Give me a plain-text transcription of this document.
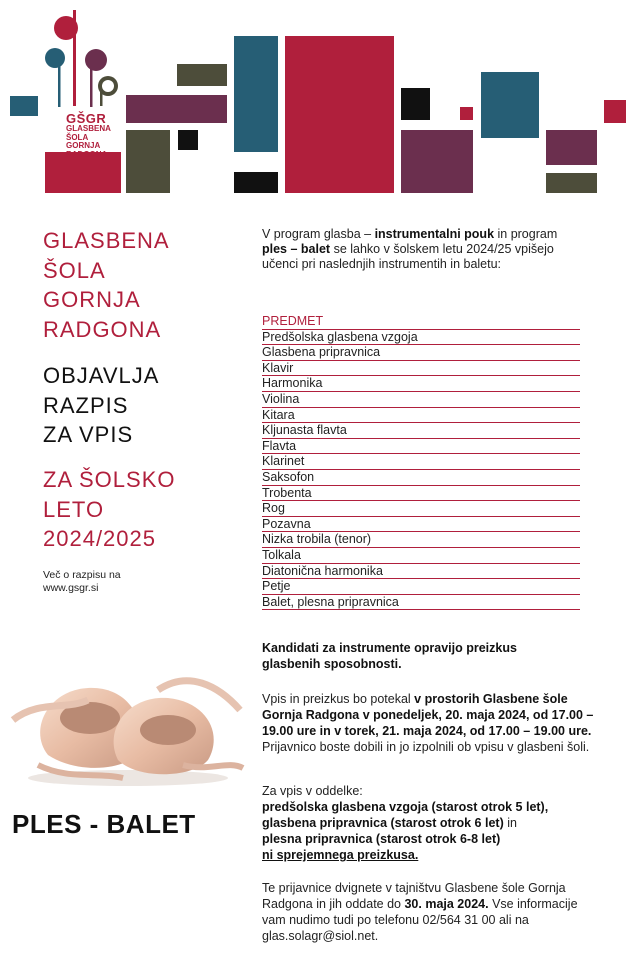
GŠGR
GLASBENA
ŠOLA
GORNJA
RADGONA
GLASBENA
ŠOLA
GORNJA
RADGONA
OBJAVLJA
RAZPIS
ZA VPIS
ZA ŠOLSKO
LETO
2024/2025
Več o razpisu na
www.gsgr.si
PLES - BALET
V program glasba – instrumentalni pouk in program ples – balet se lahko v šolskem letu 2024/25 vpišejo učenci pri naslednjih instrumentih in baletu:
PREDMET
Predšolska glasbena vzgoja
Glasbena pripravnica
Klavir
Harmonika
Violina
Kitara
Kljunasta flavta
Flavta
Klarinet
Saksofon
Trobenta
Rog
Pozavna
Nizka trobila (tenor)
Tolkala
Diatonična harmonika
Petje
Balet, plesna pripravnica
Kandidati za instrumente opravijo preizkus glasbenih sposobnosti.
Vpis in preizkus bo potekal v prostorih Glasbene šole Gornja Radgona v ponedeljek, 20. maja 2024, od 17.00 – 19.00 ure in v torek, 21. maja 2024, od 17.00 – 19.00 ure. Prijavnico boste dobili in jo izpolnili ob vpisu v glasbeni šoli.
Za vpis v oddelke:
predšolska glasbena vzgoja (starost otrok 5 let),
glasbena pripravnica (starost otrok 6 let) in
plesna pripravnica (starost otrok 6-8 let)
ni sprejemnega preizkusa.
Te prijavnice dvignete v tajništvu Glasbene šole Gornja Radgona in jih oddate do 30. maja 2024. Vse informacije vam nudimo tudi po telefonu 02/564 31 00 ali na glas.solagr@siol.net.
